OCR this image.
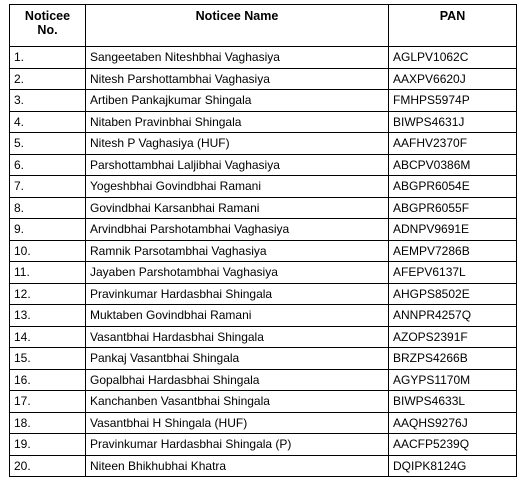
Noticee
No.	Noticee Name	PAN
1.	Sangeetaben Niteshbhai Vaghasiya	AGLPV1062C
2.	Nitesh Parshottambhai Vaghasiya	AAXPV6620J
3.	Artiben Pankajkumar Shingala	FMHPS5974P
4.	Nitaben Pravinbhai Shingala	BIWPS4631J
5.	Nitesh P Vaghasiya (HUF)	AAFHV2370F
6.	Parshottambhai Laljibhai Vaghasiya	ABCPV0386M
7.	Yogeshbhai Govindbhai Ramani	ABGPR6054E
8.	Govindbhai Karsanbhai Ramani	ABGPR6055F
9.	Arvindbhai Parshotambhai Vaghasiya	ADNPV9691E
10.	Ramnik Parsotambhai Vaghasiya	AEMPV7286B
11.	Jayaben Parshotambhai Vaghasiya	AFEPV6137L
12.	Pravinkumar Hardasbhai Shingala	AHGPS8502E
13.	Muktaben Govindbhai Ramani	ANNPR4257Q
14.	Vasantbhai Hardasbhai Shingala	AZOPS2391F
15.	Pankaj Vasantbhai Shingala	BRZPS4266B
16.	Gopalbhai Hardasbhai Shingala	AGYPS1170M
17.	Kanchanben Vasantbhai Shingala	BIWPS4633L
18.	Vasantbhai H Shingala (HUF)	AAQHS9276J
19.	Pravinkumar Hardasbhai Shingala (P)	AACFP5239Q
20.	Niteen Bhikhubhai Khatra	DQIPK8124G
